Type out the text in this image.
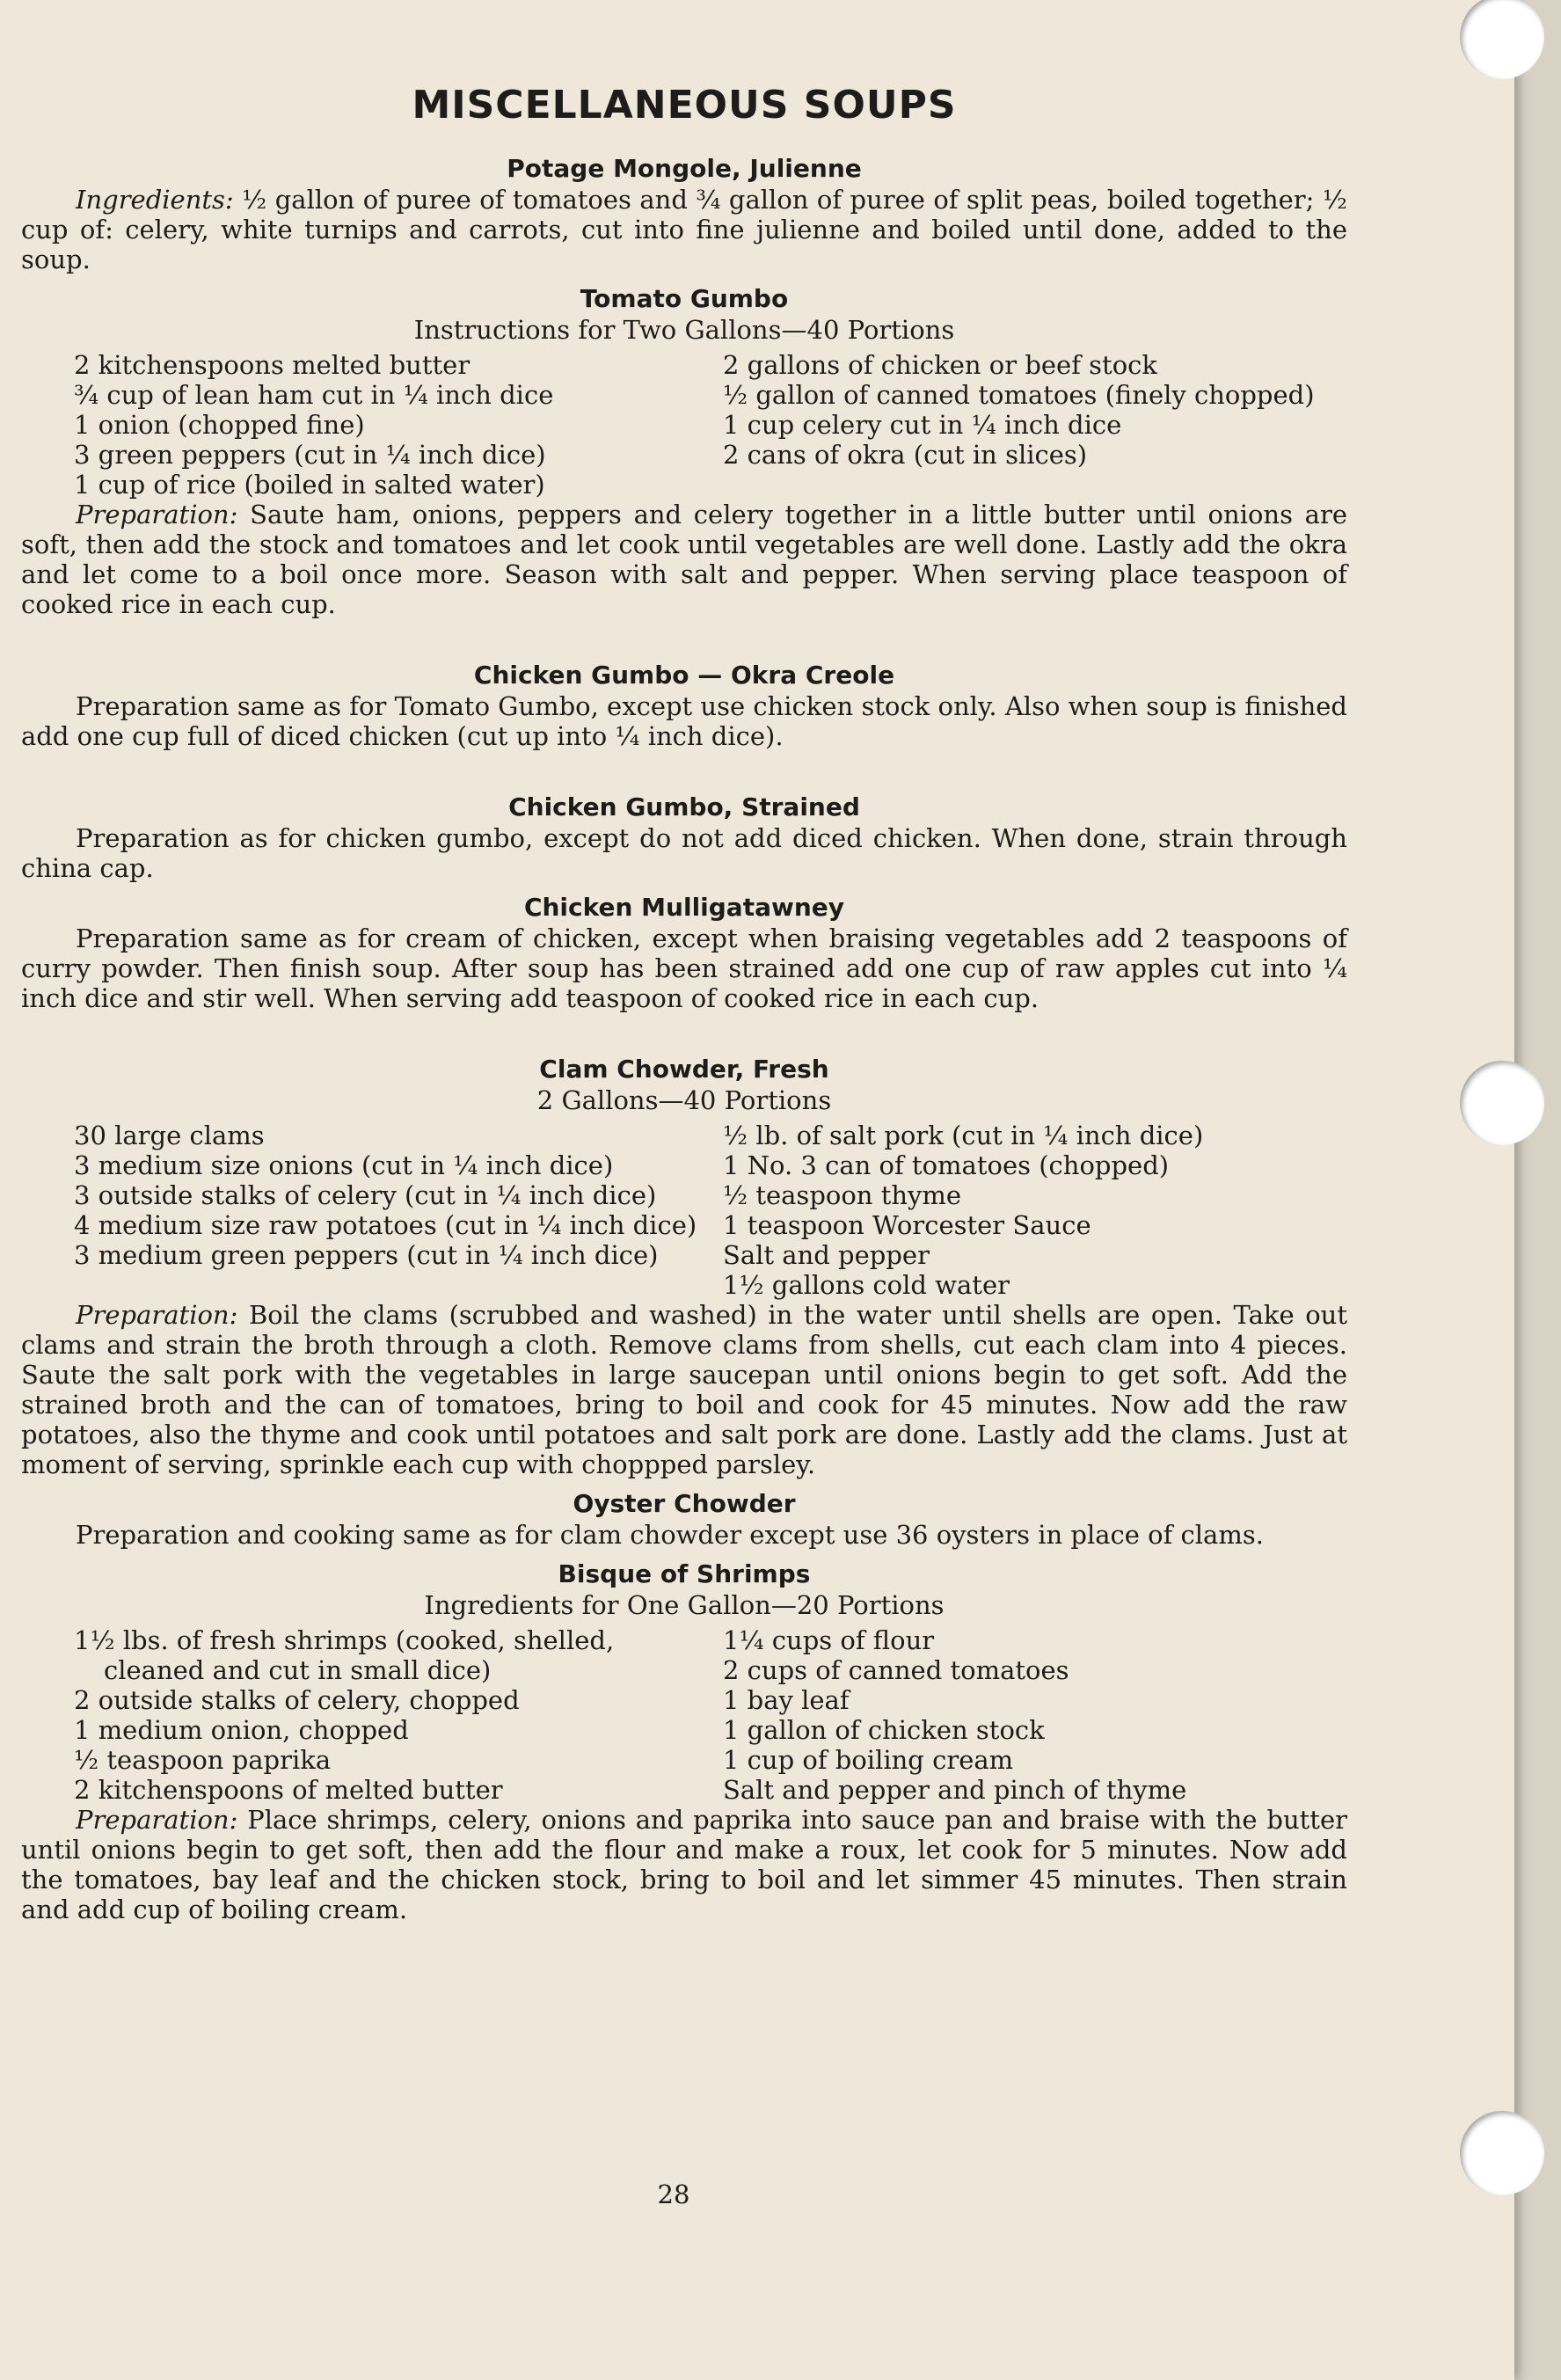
MISCELLANEOUS SOUPS
Potage Mongole, Julienne

Ingredients: ½ gallon of puree of tomatoes and ¾ gallon of puree of split peas, boiled together; ½ cup of: celery, white turnips and carrots, cut into fine julienne and boiled until done, added to the soup.

Tomato Gumbo

Instructions for Two Gallons—40 Portions

2 kitchenspoons melted butter
¾ cup of lean ham cut in ¼ inch dice
1 onion (chopped fine)
3 green peppers (cut in ¼ inch dice)
1 cup of rice (boiled in salted water)
2 gallons of chicken or beef stock
½ gallon of canned tomatoes (finely chopped)
1 cup celery cut in ¼ inch dice
2 cans of okra (cut in slices)

Preparation: Saute ham, onions, peppers and celery together in a little butter until onions are soft, then add the stock and tomatoes and let cook until vegetables are well done. Lastly add the okra and let come to a boil once more. Season with salt and pepper. When serving place teaspoon of cooked rice in each cup.

Chicken Gumbo — Okra Creole

Preparation same as for Tomato Gumbo, except use chicken stock only. Also when soup is finished add one cup full of diced chicken (cut up into ¼ inch dice).

Chicken Gumbo, Strained

Preparation as for chicken gumbo, except do not add diced chicken. When done, strain through china cap.

Chicken Mulligatawney

Preparation same as for cream of chicken, except when braising vegetables add 2 teaspoons of curry powder. Then finish soup. After soup has been strained add one cup of raw apples cut into ¼ inch dice and stir well. When serving add teaspoon of cooked rice in each cup.

Clam Chowder, Fresh

2 Gallons—40 Portions

30 large clams
3 medium size onions (cut in ¼ inch dice)
3 outside stalks of celery (cut in ¼ inch dice)
4 medium size raw potatoes (cut in ¼ inch dice)
3 medium green peppers (cut in ¼ inch dice)
½ lb. of salt pork (cut in ¼ inch dice)
1 No. 3 can of tomatoes (chopped)
½ teaspoon thyme
1 teaspoon Worcester Sauce
Salt and pepper
1½ gallons cold water

Preparation: Boil the clams (scrubbed and washed) in the water until shells are open. Take out clams and strain the broth through a cloth. Remove clams from shells, cut each clam into 4 pieces. Saute the salt pork with the vegetables in large saucepan until onions begin to get soft. Add the strained broth and the can of tomatoes, bring to boil and cook for 45 minutes. Now add the raw potatoes, also the thyme and cook until potatoes and salt pork are done. Lastly add the clams. Just at moment of serving, sprinkle each cup with choppped parsley.

Oyster Chowder

Preparation and cooking same as for clam chowder except use 36 oysters in place of clams.

Bisque of Shrimps

Ingredients for One Gallon—20 Portions

1½ lbs. of fresh shrimps (cooked, shelled, cleaned and cut in small dice)
2 outside stalks of celery, chopped
1 medium onion, chopped
½ teaspoon paprika
2 kitchenspoons of melted butter
1¼ cups of flour
2 cups of canned tomatoes
1 bay leaf
1 gallon of chicken stock
1 cup of boiling cream
Salt and pepper and pinch of thyme

Preparation: Place shrimps, celery, onions and paprika into sauce pan and braise with the butter until onions begin to get soft, then add the flour and make a roux, let cook for 5 minutes. Now add the tomatoes, bay leaf and the chicken stock, bring to boil and let simmer 45 minutes. Then strain and add cup of boiling cream.

28
